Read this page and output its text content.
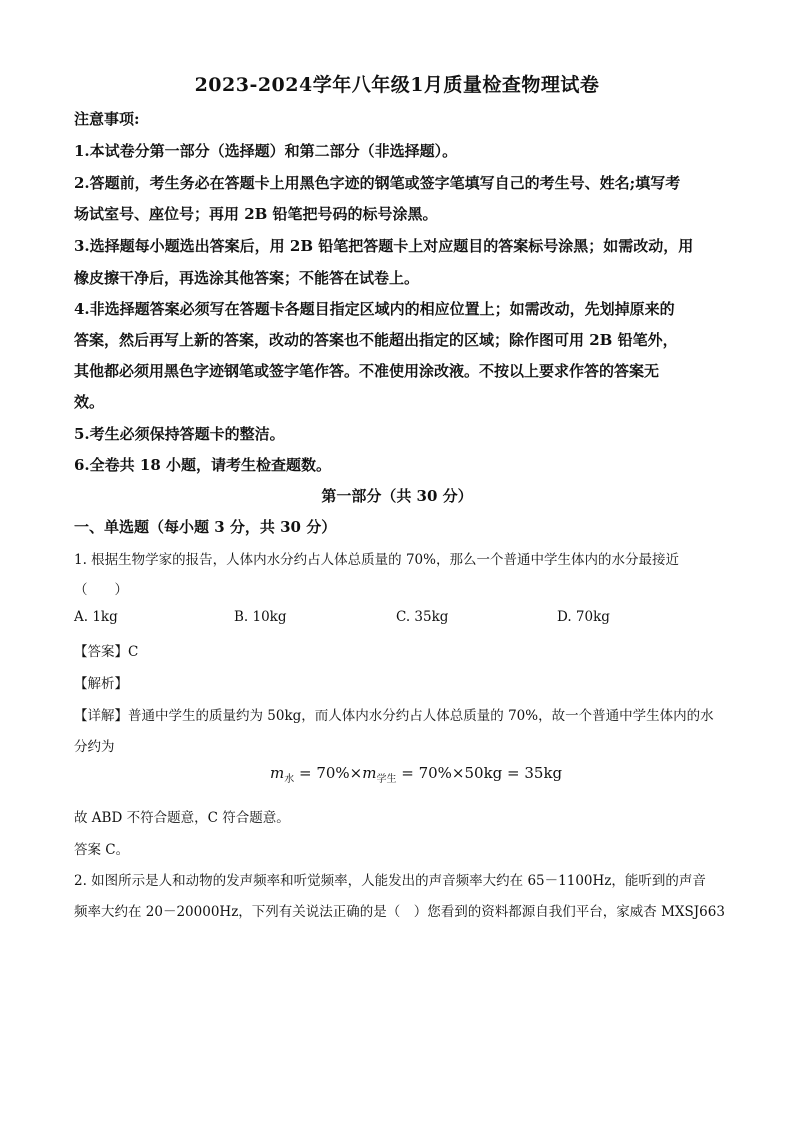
2023-2024学年八年级1月质量检查物理试卷
注意事项:
1.本试卷分第一部分（选择题）和第二部分（非选择题）。
2.答题前，考生务必在答题卡上用黑色字迹的钢笔或签字笔填写自己的考生号、姓名;填写考
场试室号、座位号；再用 2B 铅笔把号码的标号涂黑。
3.选择题每小题选出答案后，用 2B 铅笔把答题卡上对应题目的答案标号涂黑；如需改动，用
橡皮擦干净后，再选涂其他答案；不能答在试卷上。
4.非选择题答案必须写在答题卡各题目指定区域内的相应位置上；如需改动，先划掉原来的
答案，然后再写上新的答案，改动的答案也不能超出指定的区域；除作图可用 2B 铅笔外，
其他都必须用黑色字迹钢笔或签字笔作答。不准使用涂改液。不按以上要求作答的答案无
效。
5.考生必须保持答题卡的整洁。
6.全卷共 18 小题，请考生检查题数。
第一部分（共 30 分）
一、单选题（每小题 3 分，共 30 分）
1. 根据生物学家的报告，人体内水分约占人体总质量的 70%，那么一个普通中学生体内的水分最接近
（　　）
A. 1kg	B. 10kg	C. 35kg	D. 70kg
【答案】C
【解析】
【详解】普通中学生的质量约为 50kg，而人体内水分约占人体总质量的 70%，故一个普通中学生体内的水
分约为
$m_水 = 70\%\times m_{学生} = 70\%\times 50kg = 35kg$
故 ABD 不符合题意，C 符合题意。
答案 C。
2. 如图所示是人和动物的发声频率和听觉频率，人能发出的声音频率大约在 65－1100Hz，能听到的声音
频率大约在 20－20000Hz，下列有关说法正确的是（　）您看到的资料都源自我们平台，家威杏 MXSJ663
